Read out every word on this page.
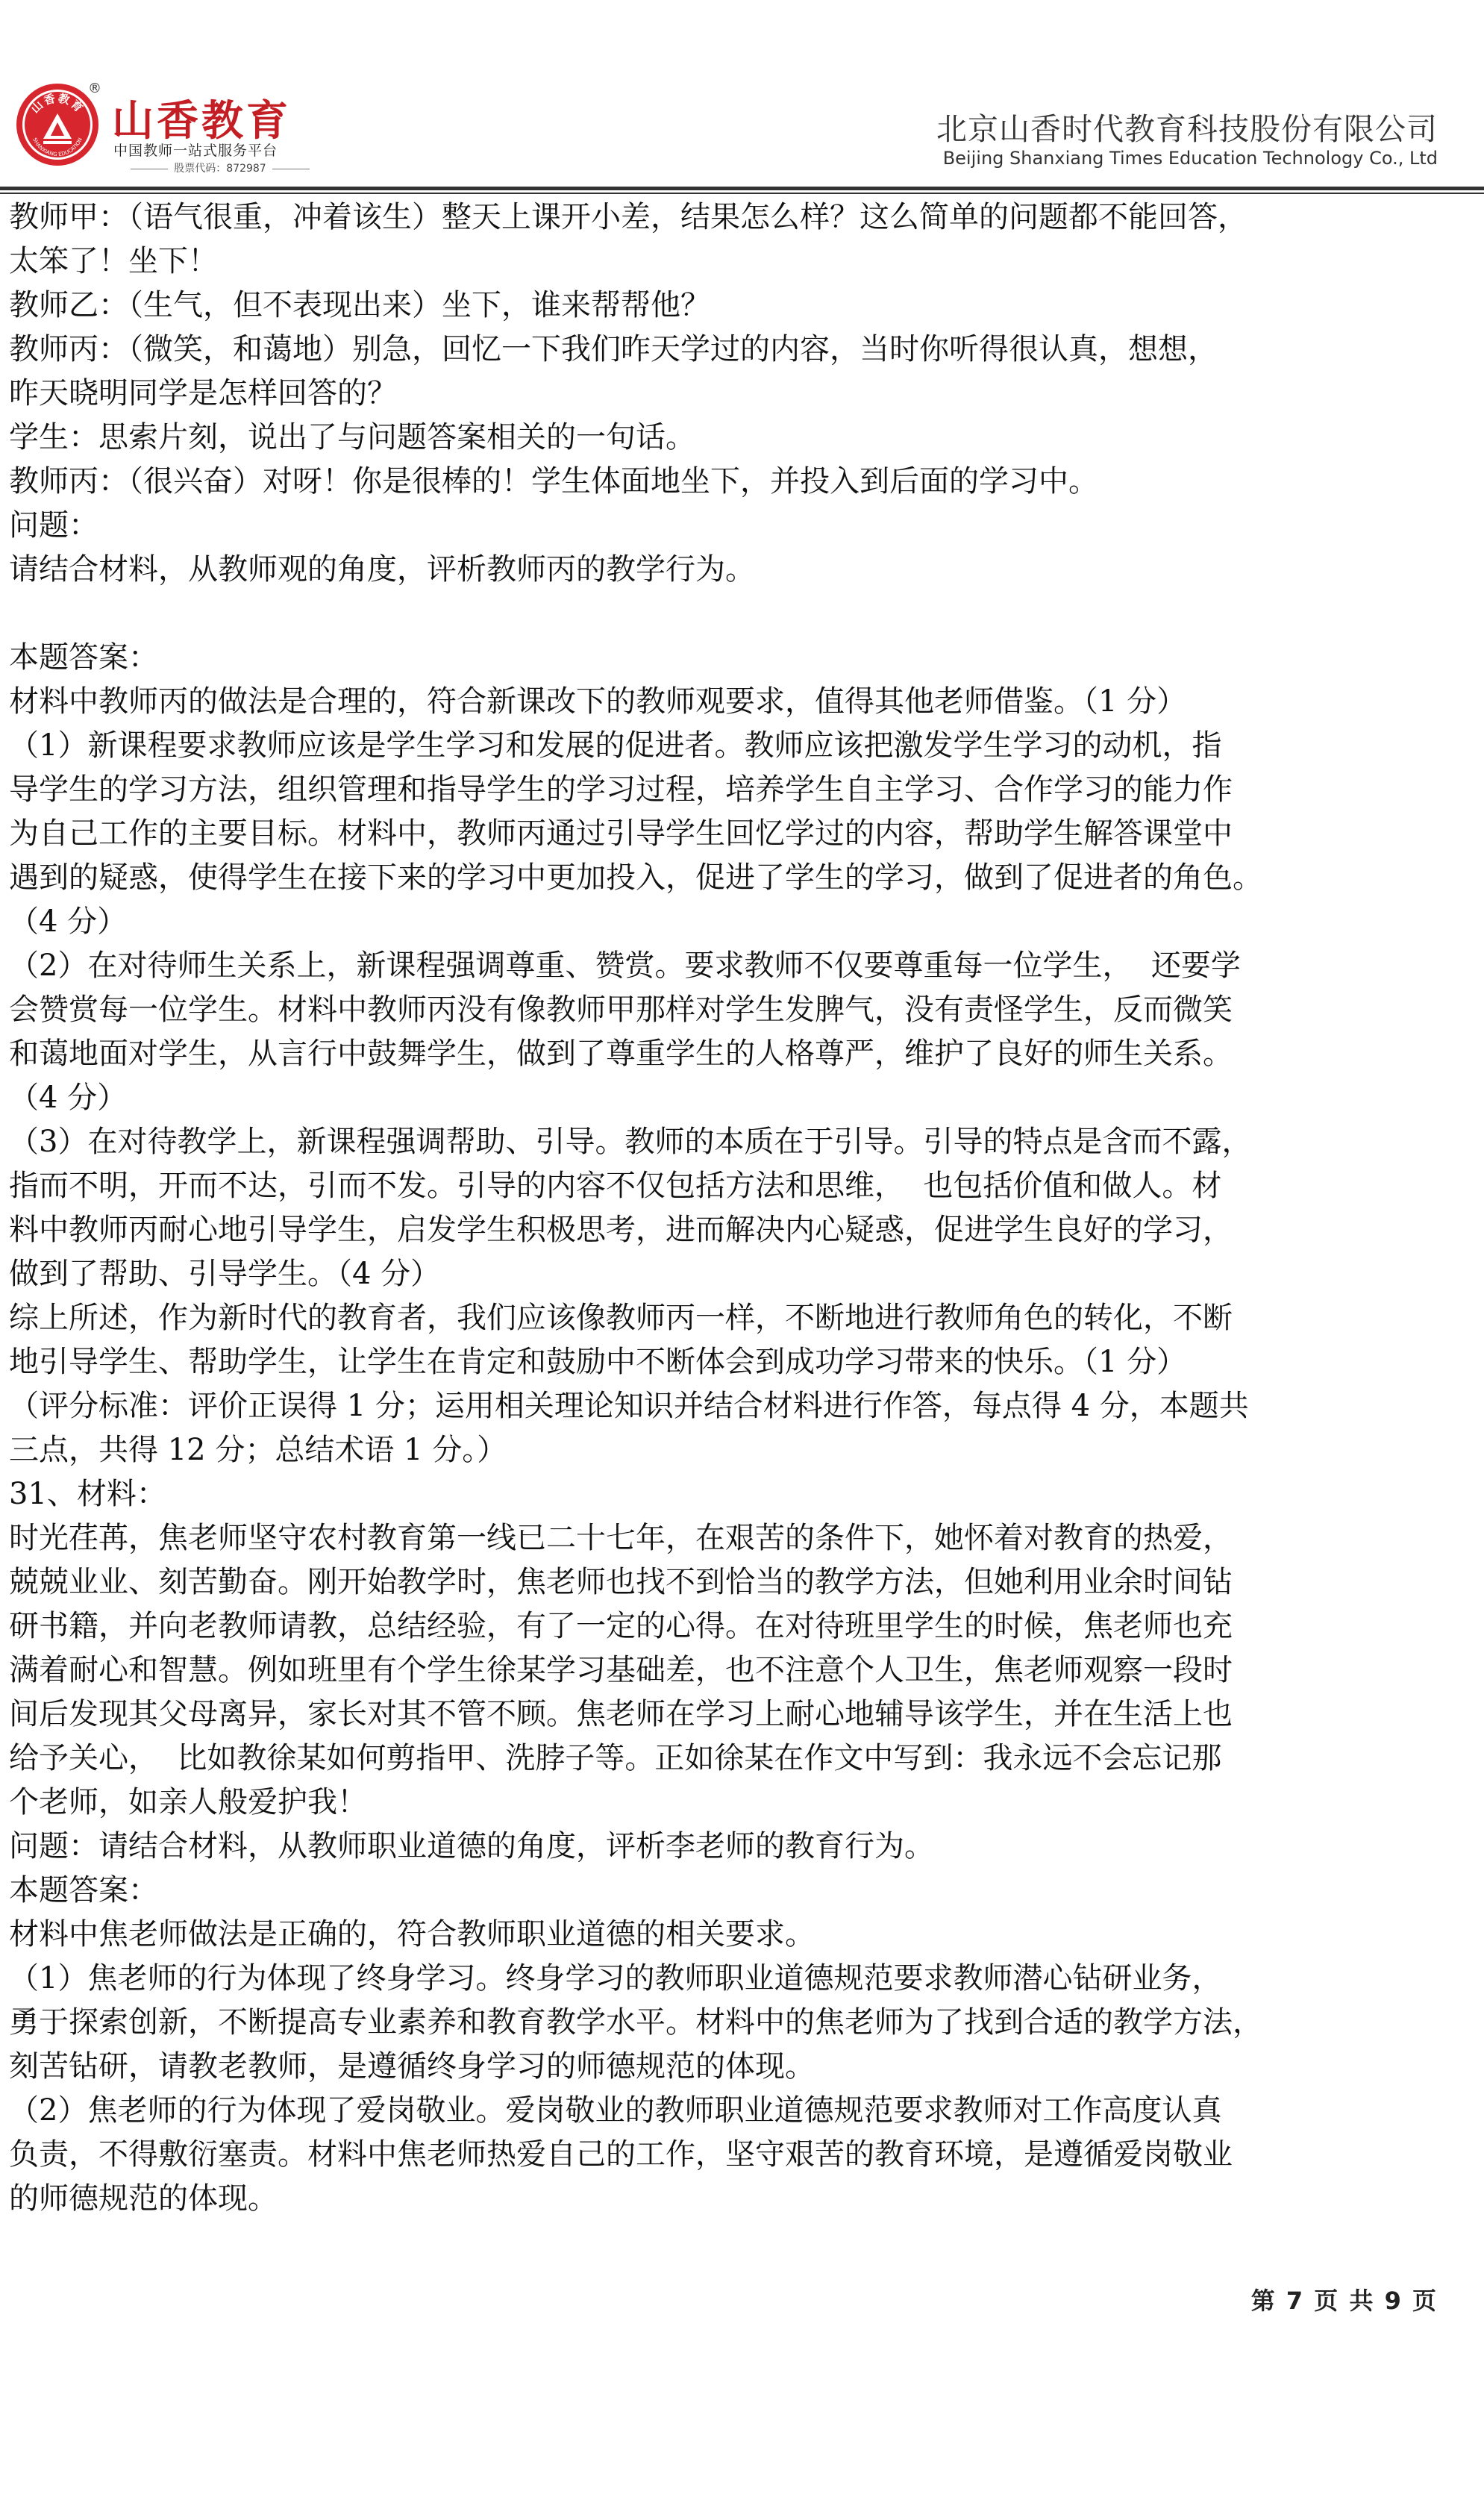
山香教育
SHANXIANG EDUCATION
®
山香教育
中国教师一站式服务平台
股票代码：872987
北京山香时代教育科技股份有限公司
Beijing Shanxiang Times Education Technology Co., Ltd
教师甲：（语气很重，冲着该生）整天上课开小差，结果怎么样？这么简单的问题都不能回答，
太笨了！坐下！
教师乙：（生气，但不表现出来）坐下，谁来帮帮他？
教师丙：（微笑，和蔼地）别急，回忆一下我们昨天学过的内容，当时你听得很认真，想想，
昨天晓明同学是怎样回答的？
学生：思索片刻，说出了与问题答案相关的一句话。
教师丙：（很兴奋）对呀！你是很棒的！学生体面地坐下，并投入到后面的学习中。
问题：
请结合材料，从教师观的角度，评析教师丙的教学行为。
本题答案：
材料中教师丙的做法是合理的，符合新课改下的教师观要求，值得其他老师借鉴。（1 分）
（1）新课程要求教师应该是学生学习和发展的促进者。教师应该把激发学生学习的动机，指
导学生的学习方法，组织管理和指导学生的学习过程，培养学生自主学习、合作学习的能力作
为自己工作的主要目标。材料中，教师丙通过引导学生回忆学过的内容，帮助学生解答课堂中
遇到的疑惑，使得学生在接下来的学习中更加投入，促进了学生的学习，做到了促进者的角色。
（4 分）
（2）在对待师生关系上，新课程强调尊重、赞赏。要求教师不仅要尊重每一位学生，  还要学
会赞赏每一位学生。材料中教师丙没有像教师甲那样对学生发脾气，没有责怪学生，反而微笑
和蔼地面对学生，从言行中鼓舞学生，做到了尊重学生的人格尊严，维护了良好的师生关系。
（4 分）
（3）在对待教学上，新课程强调帮助、引导。教师的本质在于引导。引导的特点是含而不露，
指而不明，开而不达，引而不发。引导的内容不仅包括方法和思维，  也包括价值和做人。材
料中教师丙耐心地引导学生，启发学生积极思考，进而解决内心疑惑，促进学生良好的学习，
做到了帮助、引导学生。（4 分）
综上所述，作为新时代的教育者，我们应该像教师丙一样，不断地进行教师角色的转化，不断
地引导学生、帮助学生，让学生在肯定和鼓励中不断体会到成功学习带来的快乐。（1 分）
（评分标准：评价正误得 1 分；运用相关理论知识并结合材料进行作答，每点得 4 分，本题共
三点，共得 12 分；总结术语 1 分。）
31、材料：
时光荏苒，焦老师坚守农村教育第一线已二十七年，在艰苦的条件下，她怀着对教育的热爱，
兢兢业业、刻苦勤奋。刚开始教学时，焦老师也找不到恰当的教学方法，但她利用业余时间钻
研书籍，并向老教师请教，总结经验，有了一定的心得。在对待班里学生的时候，焦老师也充
满着耐心和智慧。例如班里有个学生徐某学习基础差，也不注意个人卫生，焦老师观察一段时
间后发现其父母离异，家长对其不管不顾。焦老师在学习上耐心地辅导该学生，并在生活上也
给予关心，  比如教徐某如何剪指甲、洗脖子等。正如徐某在作文中写到：我永远不会忘记那
个老师，如亲人般爱护我！
问题：请结合材料，从教师职业道德的角度，评析李老师的教育行为。
本题答案：
材料中焦老师做法是正确的，符合教师职业道德的相关要求。
（1）焦老师的行为体现了终身学习。终身学习的教师职业道德规范要求教师潜心钻研业务，
勇于探索创新，不断提高专业素养和教育教学水平。材料中的焦老师为了找到合适的教学方法，
刻苦钻研，请教老教师，是遵循终身学习的师德规范的体现。
（2）焦老师的行为体现了爱岗敬业。爱岗敬业的教师职业道德规范要求教师对工作高度认真
负责，不得敷衍塞责。材料中焦老师热爱自己的工作，坚守艰苦的教育环境，是遵循爱岗敬业
的师德规范的体现。
第 7 页 共 9 页
